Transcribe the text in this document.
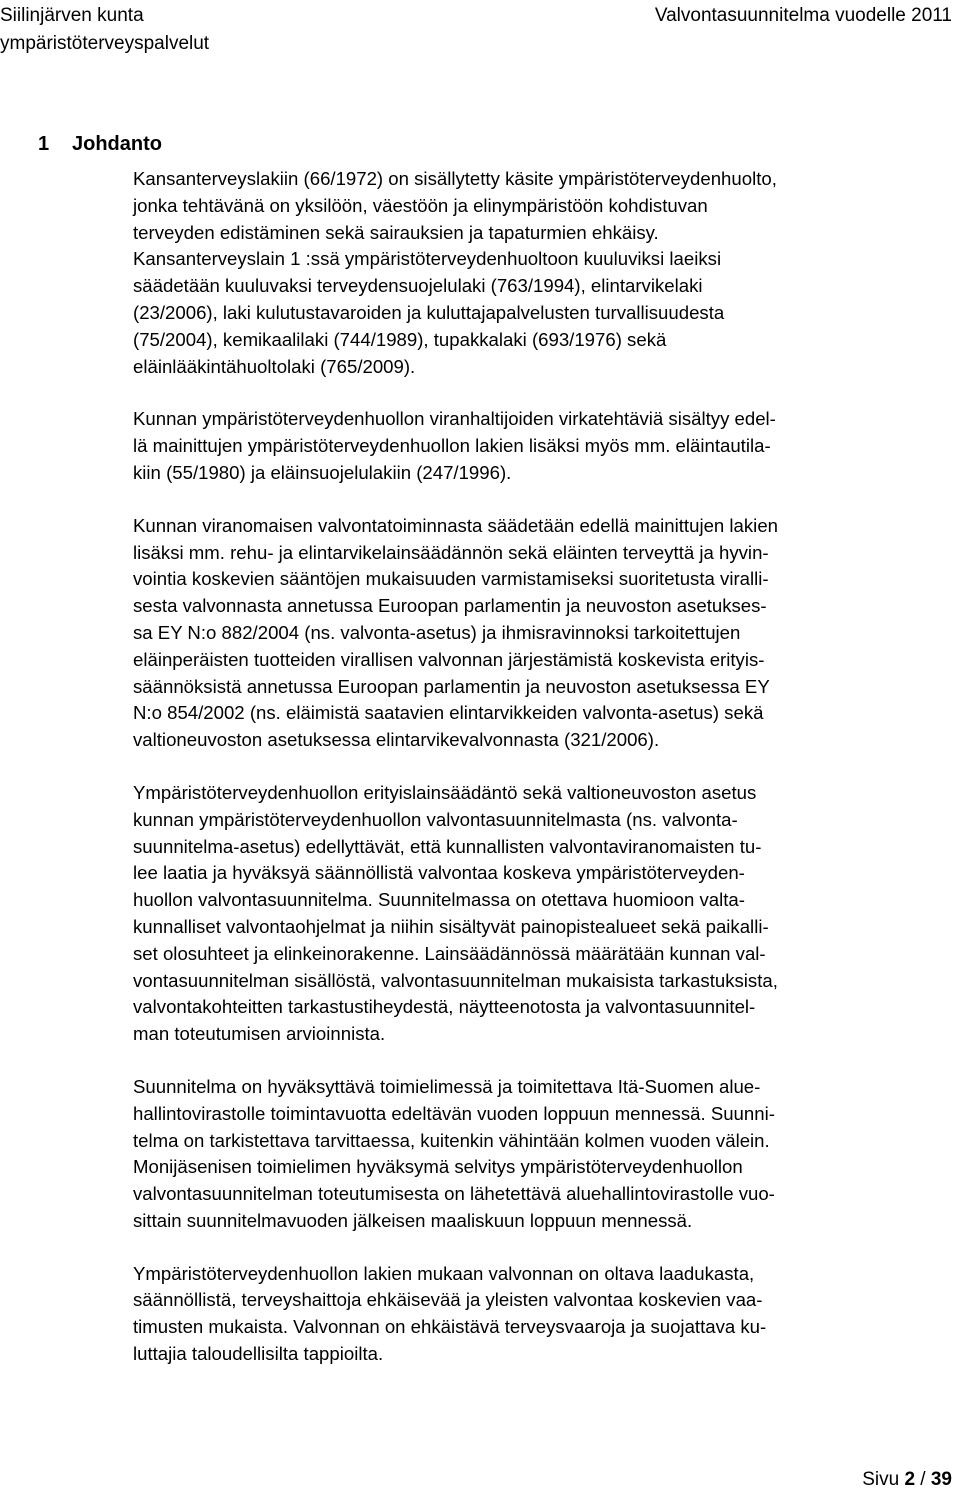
Siilinjärven kunta
ympäristöterveyspalvelut
Valvontasuunnitelma vuodelle 2011
1 Johdanto

Kansanterveyslakiin (66/1972) on sisällytetty käsite ympäristöterveydenhuolto,
jonka tehtävänä on yksilöön, väestöön ja elinympäristöön kohdistuvan
terveyden edistäminen sekä sairauksien ja tapaturmien ehkäisy.
Kansanterveyslain 1 :ssä ympäristöterveydenhuoltoon kuuluviksi laeiksi
säädetään kuuluvaksi terveydensuojelulaki (763/1994), elintarvikelaki
(23/2006), laki kulutustavaroiden ja kuluttajapalvelusten turvallisuudesta
(75/2004), kemikaalilaki (744/1989), tupakkalaki (693/1976) sekä
eläinlääkintähuoltolaki (765/2009).

Kunnan ympäristöterveydenhuollon viranhaltijoiden virkatehtäviä sisältyy edel-
lä mainittujen ympäristöterveydenhuollon lakien lisäksi myös mm. eläintautila-
kiin (55/1980) ja eläinsuojelulakiin (247/1996).

Kunnan viranomaisen valvontatoiminnasta säädetään edellä mainittujen lakien
lisäksi mm. rehu- ja elintarvikelainsäädännön sekä eläinten terveyttä ja hyvin-
vointia koskevien sääntöjen mukaisuuden varmistamiseksi suoritetusta viralli-
sesta valvonnasta annetussa Euroopan parlamentin ja neuvoston asetukses-
sa EY N:o 882/2004 (ns. valvonta-asetus) ja ihmisravinnoksi tarkoitettujen
eläinperäisten tuotteiden virallisen valvonnan järjestämistä koskevista erityis-
säännöksistä annetussa Euroopan parlamentin ja neuvoston asetuksessa EY
N:o 854/2002 (ns. eläimistä saatavien elintarvikkeiden valvonta-asetus) sekä
valtioneuvoston asetuksessa elintarvikevalvonnasta (321/2006).

Ympäristöterveydenhuollon erityislainsäädäntö sekä valtioneuvoston asetus
kunnan ympäristöterveydenhuollon valvontasuunnitelmasta (ns. valvonta-
suunnitelma-asetus) edellyttävät, että kunnallisten valvontaviranomaisten tu-
lee laatia ja hyväksyä säännöllistä valvontaa koskeva ympäristöterveyden-
huollon valvontasuunnitelma. Suunnitelmassa on otettava huomioon valta-
kunnalliset valvontaohjelmat ja niihin sisältyvät painopistealueet sekä paikalli-
set olosuhteet ja elinkeinorakenne. Lainsäädännössä määrätään kunnan val-
vontasuunnitelman sisällöstä, valvontasuunnitelman mukaisista tarkastuksista,
valvontakohteitten tarkastustiheydestä, näytteenotosta ja valvontasuunnitel-
man toteutumisen arvioinnista.

Suunnitelma on hyväksyttävä toimielimessä ja toimitettava Itä-Suomen alue-
hallintovirastolle toimintavuotta edeltävän vuoden loppuun mennessä. Suunni-
telma on tarkistettava tarvittaessa, kuitenkin vähintään kolmen vuoden välein.
Monijäsenisen toimielimen hyväksymä selvitys ympäristöterveydenhuollon
valvontasuunnitelman toteutumisesta on lähetettävä aluehallintovirastolle vuo-
sittain suunnitelmavuoden jälkeisen maaliskuun loppuun mennessä.

Ympäristöterveydenhuollon lakien mukaan valvonnan on oltava laadukasta,
säännöllistä, terveyshaittoja ehkäisevää ja yleisten valvontaa koskevien vaa-
timusten mukaista. Valvonnan on ehkäistävä terveysvaaroja ja suojattava ku-
luttajia taloudellisilta tappioilta.

Sivu 2 / 39
